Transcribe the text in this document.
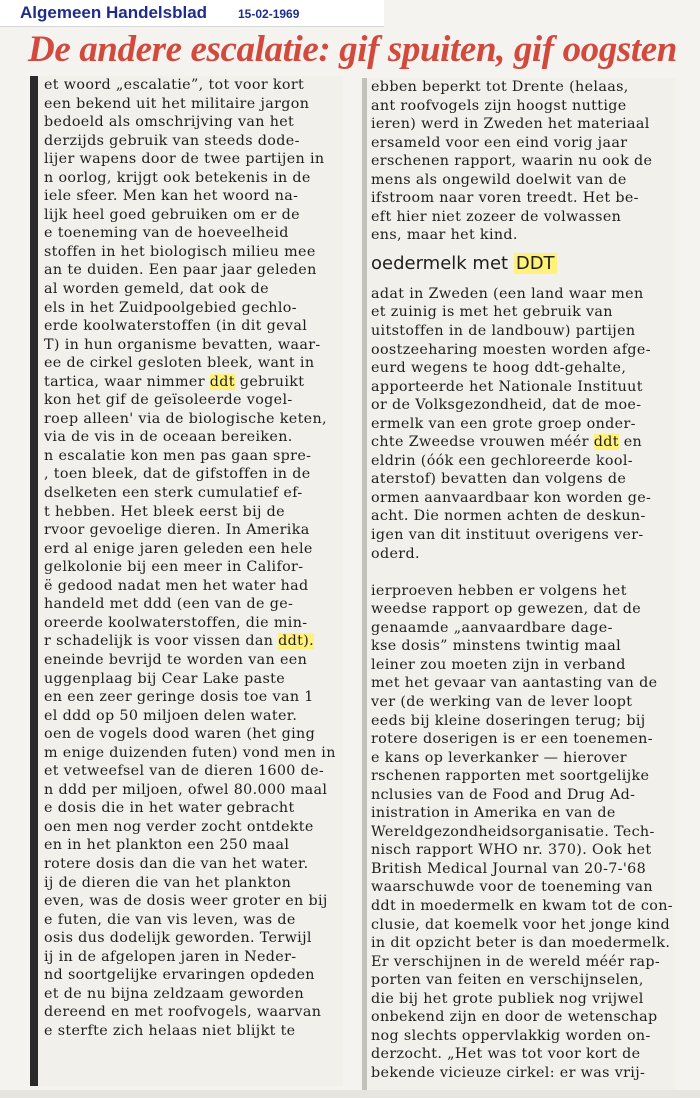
Algemeen Handelsblad	15-02-1969
De andere escalatie: gif spuiten, gif oogsten
et woord „escalatie”, tot voor kort
een bekend uit het militaire jargon
bedoeld als omschrijving van het
derzijds gebruik van steeds dode-
lijer wapens door de twee partijen in
n oorlog, krijgt ook betekenis in de
iele sfeer. Men kan het woord na-
lijk heel goed gebruiken om er de
e toeneming van de hoeveelheid
stoffen in het biologisch milieu mee
an te duiden. Een paar jaar geleden
al worden gemeld, dat ook de
els in het Zuidpoolgebied gechlo-
erde koolwaterstoffen (in dit geval
T) in hun organisme bevatten, waar-
ee de cirkel gesloten bleek, want in
tartica, waar nimmer ddt gebruikt
kon het gif de geïsoleerde vogel-
roep alleen' via de biologische keten,
via de vis in de oceaan bereiken.
n escalatie kon men pas gaan spre-
, toen bleek, dat de gifstoffen in de
dselketen een sterk cumulatief ef-
t hebben. Het bleek eerst bij de
rvoor gevoelige dieren. In Amerika
erd al enige jaren geleden een hele
gelkolonie bij een meer in Califor-
ë gedood nadat men het water had
handeld met ddd (een van de ge-
oreerde koolwaterstoffen, die min-
r schadelijk is voor vissen dan ddt).
eneinde bevrijd te worden van een
uggenplaag bij Cear Lake paste
en een zeer geringe dosis toe van 1
el ddd op 50 miljoen delen water.
oen de vogels dood waren (het ging
m enige duizenden futen) vond men in
et vetweefsel van de dieren 1600 de-
n ddd per miljoen, ofwel 80.000 maal
e dosis die in het water gebracht
oen men nog verder zocht ontdekte
en in het plankton een 250 maal
rotere dosis dan die van het water.
ij de dieren die van het plankton
even, was de dosis weer groter en bij
e futen, die van vis leven, was de
osis dus dodelijk geworden. Terwijl
ij in de afgelopen jaren in Neder-
nd soortgelijke ervaringen opdeden
et de nu bijna zeldzaam geworden
dereend en met roofvogels, waarvan
e sterfte zich helaas niet blijkt te
ebben beperkt tot Drente (helaas,
ant roofvogels zijn hoogst nuttige
ieren) werd in Zweden het materiaal
ersameld voor een eind vorig jaar
erschenen rapport, waarin nu ook de
mens als ongewild doelwit van de
ifstroom naar voren treedt. Het be-
eft hier niet zozeer de volwassen
ens, maar het kind.
oedermelk met DDT
adat in Zweden (een land waar men
et zuinig is met het gebruik van
uitstoffen in de landbouw) partijen
oostzeeharing moesten worden afge-
eurd wegens te hoog ddt-gehalte,
apporteerde het Nationale Instituut
or de Volksgezondheid, dat de moe-
ermelk van een grote groep onder-
chte Zweedse vrouwen méér ddt en
eldrin (óók een gechloreerde kool-
aterstof) bevatten dan volgens de
ormen aanvaardbaar kon worden ge-
acht. Die normen achten de deskun-
igen van dit instituut overigens ver-
oderd.
ierproeven hebben er volgens het
weedse rapport op gewezen, dat de
genaamde „aanvaardbare dage-
kse dosis” minstens twintig maal
leiner zou moeten zijn in verband
met het gevaar van aantasting van de
ver (de werking van de lever loopt
eeds bij kleine doseringen terug; bij
rotere doserigen is er een toenemen-
e kans op leverkanker — hierover
rschenen rapporten met soortgelijke
nclusies van de Food and Drug Ad-
inistration in Amerika en van de
Wereldgezondheidsorganisatie. Tech-
nisch rapport WHO nr. 370). Ook het
British Medical Journal van 20-7-'68
waarschuwde voor de toeneming van
ddt in moedermelk en kwam tot de con-
clusie, dat koemelk voor het jonge kind
in dit opzicht beter is dan moedermelk.
Er verschijnen in de wereld méér rap-
porten van feiten en verschijnselen,
die bij het grote publiek nog vrijwel
onbekend zijn en door de wetenschap
nog slechts oppervlakkig worden on-
derzocht. „Het was tot voor kort de
bekende vicieuze cirkel: er was vrij-
